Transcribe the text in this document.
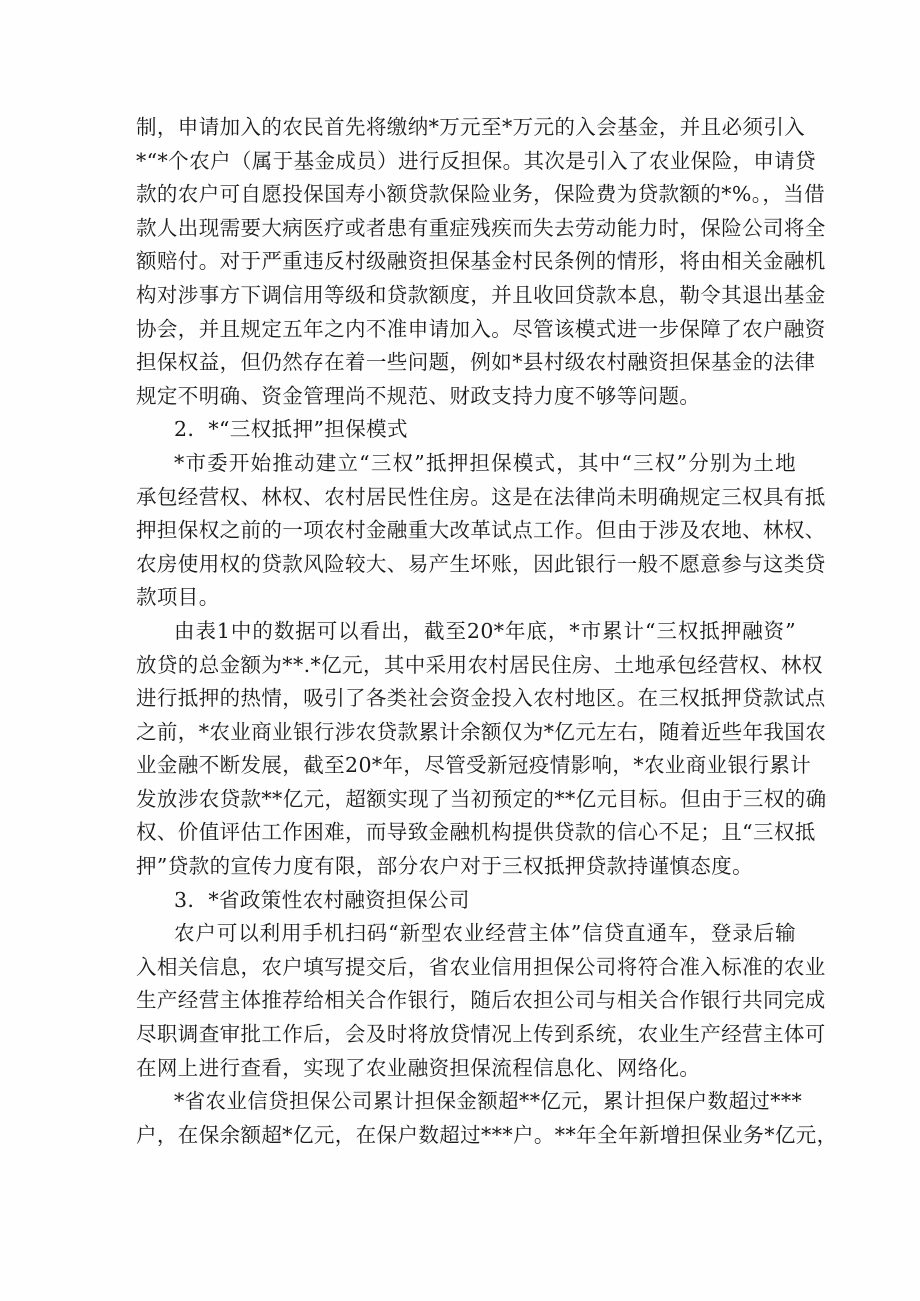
制，申请加入的农民首先将缴纳*万元至*万元的入会基金，并且必须引入
*“*个农户（属于基金成员）进行反担保。其次是引入了农业保险，申请贷
款的农户可自愿投保国寿小额贷款保险业务，保险费为贷款额的*%。，当借
款人出现需要大病医疗或者患有重症残疾而失去劳动能力时，保险公司将全
额赔付。对于严重违反村级融资担保基金村民条例的情形，将由相关金融机
构对涉事方下调信用等级和贷款额度，并且收回贷款本息，勒令其退出基金
协会，并且规定五年之内不准申请加入。尽管该模式进一步保障了农户融资
担保权益，但仍然存在着一些问题，例如*县村级农村融资担保基金的法律
规定不明确、资金管理尚不规范、财政支持力度不够等问题。
2．*“三权抵押”担保模式
*市委开始推动建立“三权”抵押担保模式，其中“三权”分别为土地
承包经营权、林权、农村居民性住房。这是在法律尚未明确规定三权具有抵
押担保权之前的一项农村金融重大改革试点工作。但由于涉及农地、林权、
农房使用权的贷款风险较大、易产生坏账，因此银行一般不愿意参与这类贷
款项目。
由表1中的数据可以看出，截至20*年底，*市累计“三权抵押融资”
放贷的总金额为**.*亿元，其中采用农村居民住房、土地承包经营权、林权
进行抵押的热情，吸引了各类社会资金投入农村地区。在三权抵押贷款试点
之前，*农业商业银行涉农贷款累计余额仅为*亿元左右，随着近些年我国农
业金融不断发展，截至20*年，尽管受新冠疫情影响，*农业商业银行累计
发放涉农贷款**亿元，超额实现了当初预定的**亿元目标。但由于三权的确
权、价值评估工作困难，而导致金融机构提供贷款的信心不足；且“三权抵
押”贷款的宣传力度有限，部分农户对于三权抵押贷款持谨慎态度。
3．*省政策性农村融资担保公司
农户可以利用手机扫码“新型农业经营主体”信贷直通车，登录后输
入相关信息，农户填写提交后，省农业信用担保公司将符合准入标准的农业
生产经营主体推荐给相关合作银行，随后农担公司与相关合作银行共同完成
尽职调查审批工作后，会及时将放贷情况上传到系统，农业生产经营主体可
在网上进行查看，实现了农业融资担保流程信息化、网络化。
*省农业信贷担保公司累计担保金额超**亿元，累计担保户数超过***
户，在保余额超*亿元，在保户数超过***户。**年全年新增担保业务*亿元，
